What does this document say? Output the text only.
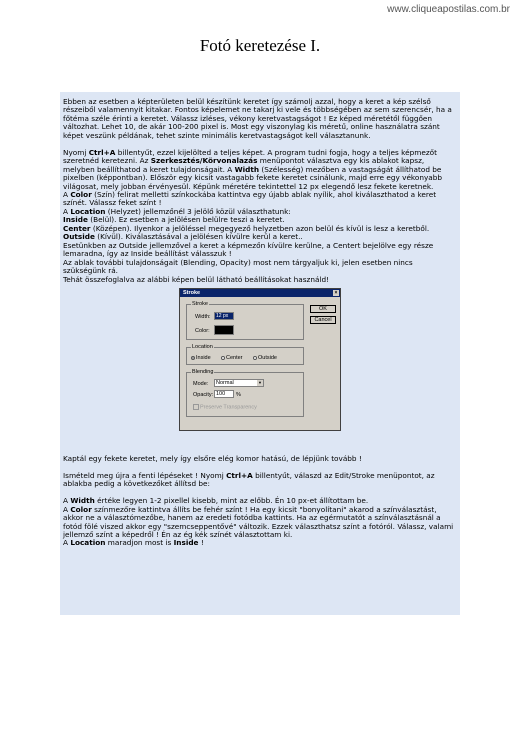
www.cliqueapostilas.com.br
Fotó keretezése I.

Ebben az esetben a képterületen belül készítünk keretet így számolj azzal, hogy a keret a kép szélső részeiből valamennyit kitakar. Fontos képelemet ne takarj ki vele és többségében az sem szerencsér, ha a főtéma széle érinti a keretet. Válassz izléses, vékony keretvastagságot ! Ez képed méretétől függően változhat. Lehet 10, de akár 100-200 pixel is. Most egy viszonylag kis méretű, online használatra szánt képet veszünk példának, tehet szinte minimális keretvastagságot kell választanunk.

Nyomj Ctrl+A billentyűt, ezzel kijelölted a teljes képet. A program tudni fogja, hogy a teljes képmezőt szeretnéd keretezni. Az Szerkesztés/Körvonalazás menüpontot választva egy kis ablakot kapsz, melyben beállíthatod a keret tulajdonságait. A Width (Szélesség) mezőben a vastagságát állíthatod be pixelben (képpontban). Először egy kicsit vastagabb fekete keretet csinálunk, majd erre egy vékonyabb világosat, mely jobban érvényesül. Képünk méretére tekintettel 12 px elegendő lesz fekete keretnek.

A Color (Szín) felirat melletti színkockába kattintva egy újabb ablak nyílik, ahol kiválaszthatod a keret színét. Válassz feket színt !

A Location (Helyzet) jellemzőnél 3 jelölő közül választhatunk:

Inside (Belül). Ez esetben a jelölésen belülre teszi a keretet.

Center (Középen). Ilyenkor a jelöléssel megegyező helyzetben azon belül és kívül is lesz a keretből.

Outside (Kívül). Kiválasztásával a jelölésen kívülre kerül a keret..

Esetünkben az Outside jellemzővel a keret a képmezőn kívülre kerülne, a Centert bejelölve egy része lemaradna, így az Inside beállítást válasszuk !

Az ablak további tulajdonságait (Blending, Opacity) most nem tárgyaljuk ki, jelen esetben nincs szükségünk rá.

Tehát összefoglalva az alábbi képen belül látható beállításokat használd!

Stroke	×
Stroke
Width:	12 px
Color:
Location
Inside	Center	Outside
Blending
Mode:	Normal	▼
Opacity: 100	%
Preserve Transparency
OK
Cancel

Kaptál egy fekete keretet, mely így elsőre elég komor hatású, de lépjünk tovább !

Ismételd meg újra a fenti lépéseket ! Nyomj Ctrl+A billentyűt, válaszd az Edit/Stroke menüpontot, az ablakba pedig a következőket állítsd be:

A Width értéke legyen 1-2 pixellel kisebb, mint az előbb. Én 10 px-et állítottam be.

A Color színmezőre kattintva állíts be fehér színt ! Ha egy kicsit "bonyolítani" akarod a színválasztást, akkor ne a választómezőbe, hanem az eredeti fotódba kattints. Ha az egérmutatót a színválasztásnál a fotód fölé viszed akkor egy "szemcseppentővé" változik. Ezzek választhatsz színt a fotóról. Válassz, valami jellemző színt a képedről ! Én az ég kék színét választottam ki.

A Location maradjon most is Inside !
